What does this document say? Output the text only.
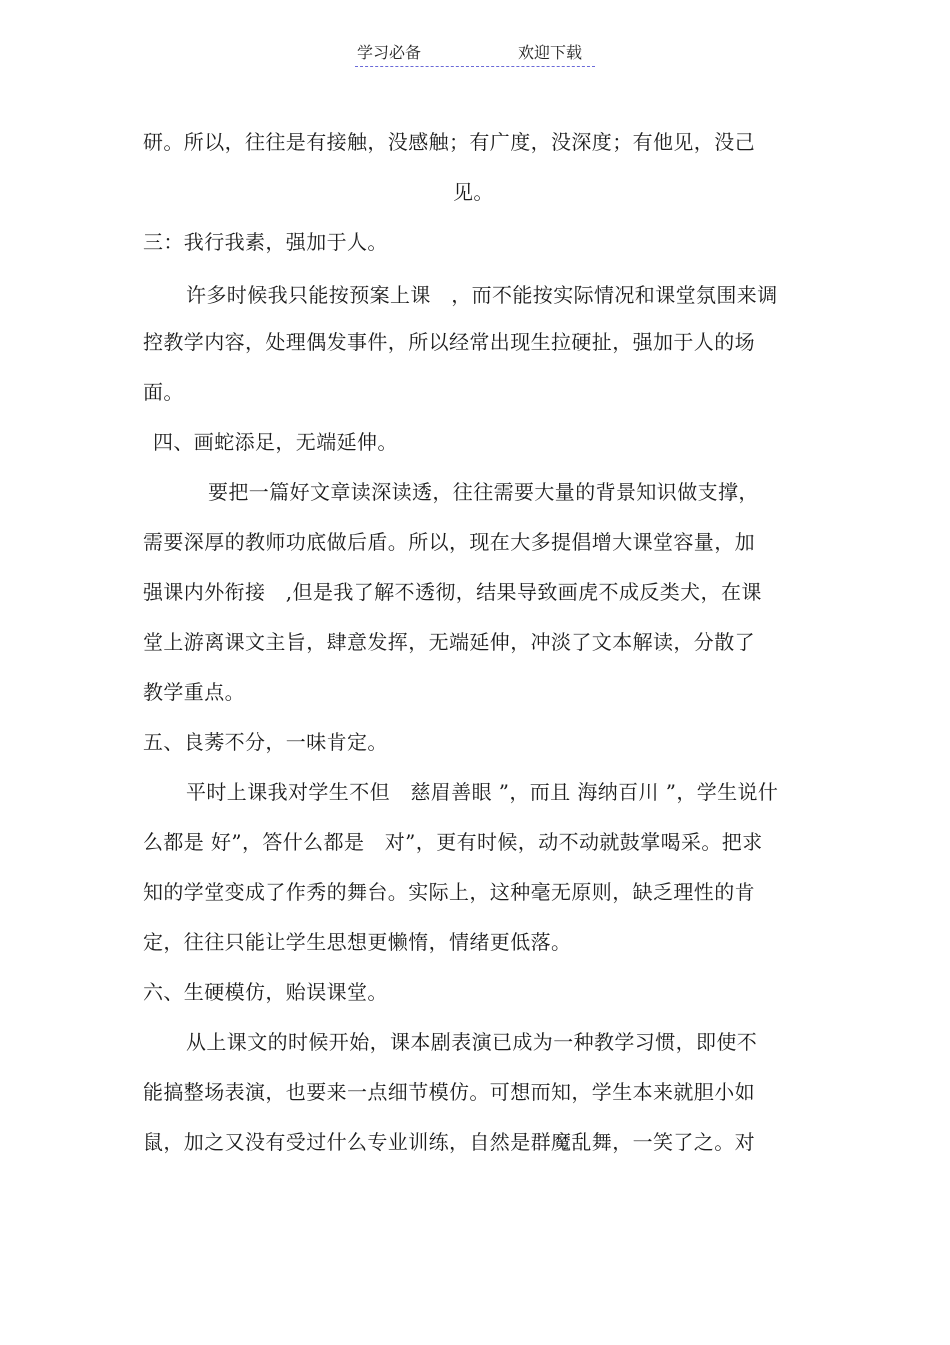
学习必备	欢迎下载
研。所以，往往是有接触，没感触；有广度，没深度；有他见，没己
见。
三：我行我素，强加于人。
许多时候我只能按预案上课　，而不能按实际情况和课堂氛围来调
控教学内容，处理偶发事件，所以经常出现生拉硬扯，强加于人的场
面。
四、画蛇添足，无端延伸。
要把一篇好文章读深读透，往往需要大量的背景知识做支撑，
需要深厚的教师功底做后盾。所以，现在大多提倡增大课堂容量，加
强课内外衔接　,但是我了解不透彻，结果导致画虎不成反类犬，在课
堂上游离课文主旨，肆意发挥，无端延伸，冲淡了文本解读，分散了
教学重点。
五、良莠不分，一味肯定。
平时上课我对学生不但　慈眉善眼 ”，而且 海纳百川 ”，学生说什
么都是 好”，答什么都是　对”，更有时候，动不动就鼓掌喝采。把求
知的学堂变成了作秀的舞台。实际上，这种毫无原则，缺乏理性的肯
定，往往只能让学生思想更懒惰，情绪更低落。
六、生硬模仿，贻误课堂。
从上课文的时候开始，课本剧表演已成为一种教学习惯，即使不
能搞整场表演，也要来一点细节模仿。可想而知，学生本来就胆小如
鼠，加之又没有受过什么专业训练，自然是群魔乱舞，一笑了之。对
